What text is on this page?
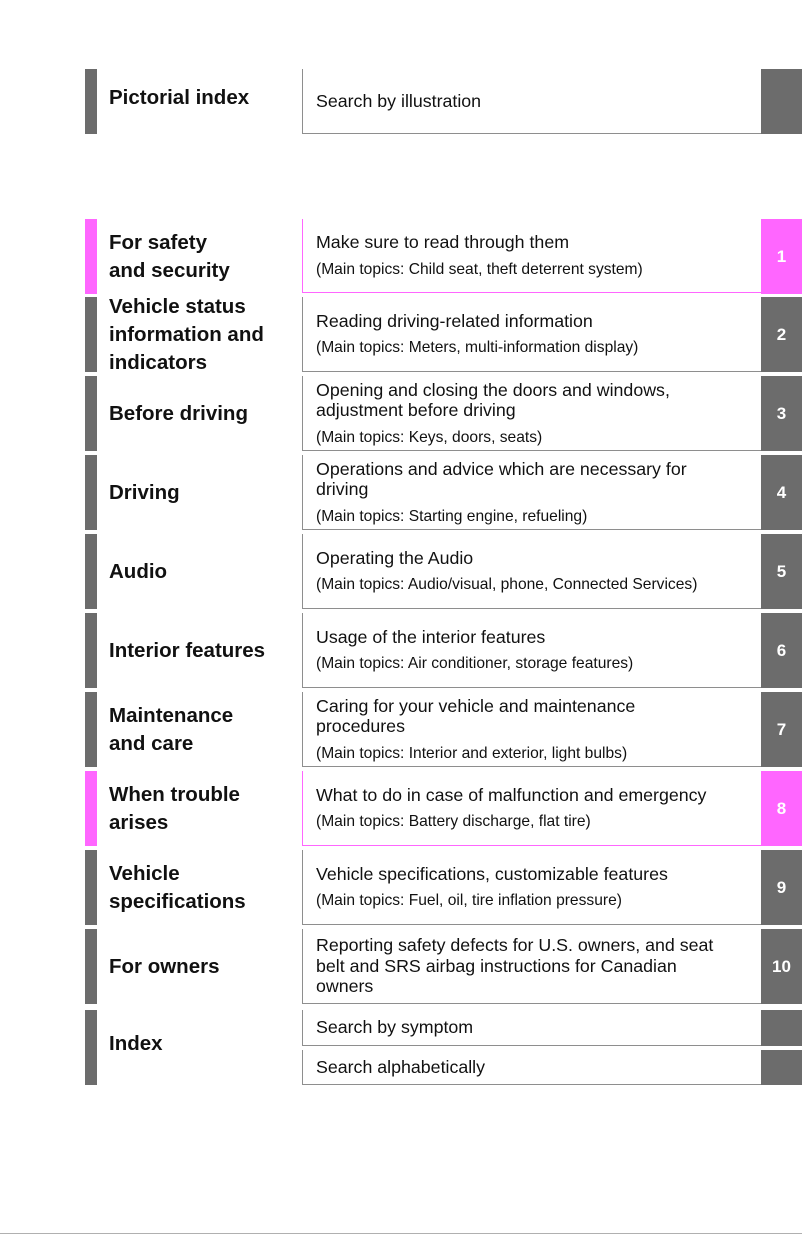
Pictorial index	Search by illustration
For safety
and security
Make sure to read through them
(Main topics: Child seat, theft deterrent system)
1
Vehicle status
information and
indicators
Reading driving-related information
(Main topics: Meters, multi-information display)
2
Before driving
Opening and closing the doors and windows,
adjustment before driving
(Main topics: Keys, doors, seats)
3
Driving
Operations and advice which are necessary for
driving
(Main topics: Starting engine, refueling)
4
Audio
Operating the Audio
(Main topics: Audio/visual, phone, Connected Services)
5
Interior features
Usage of the interior features
(Main topics: Air conditioner, storage features)
6
Maintenance
and care
Caring for your vehicle and maintenance
procedures
(Main topics: Interior and exterior, light bulbs)
7
When trouble
arises
What to do in case of malfunction and emergency
(Main topics: Battery discharge, flat tire)
8
Vehicle
specifications
Vehicle specifications, customizable features
(Main topics: Fuel, oil, tire inflation pressure)
9
For owners
Reporting safety defects for U.S. owners, and seat
belt and SRS airbag instructions for Canadian
owners
10
Index
Search by symptom
Search alphabetically
